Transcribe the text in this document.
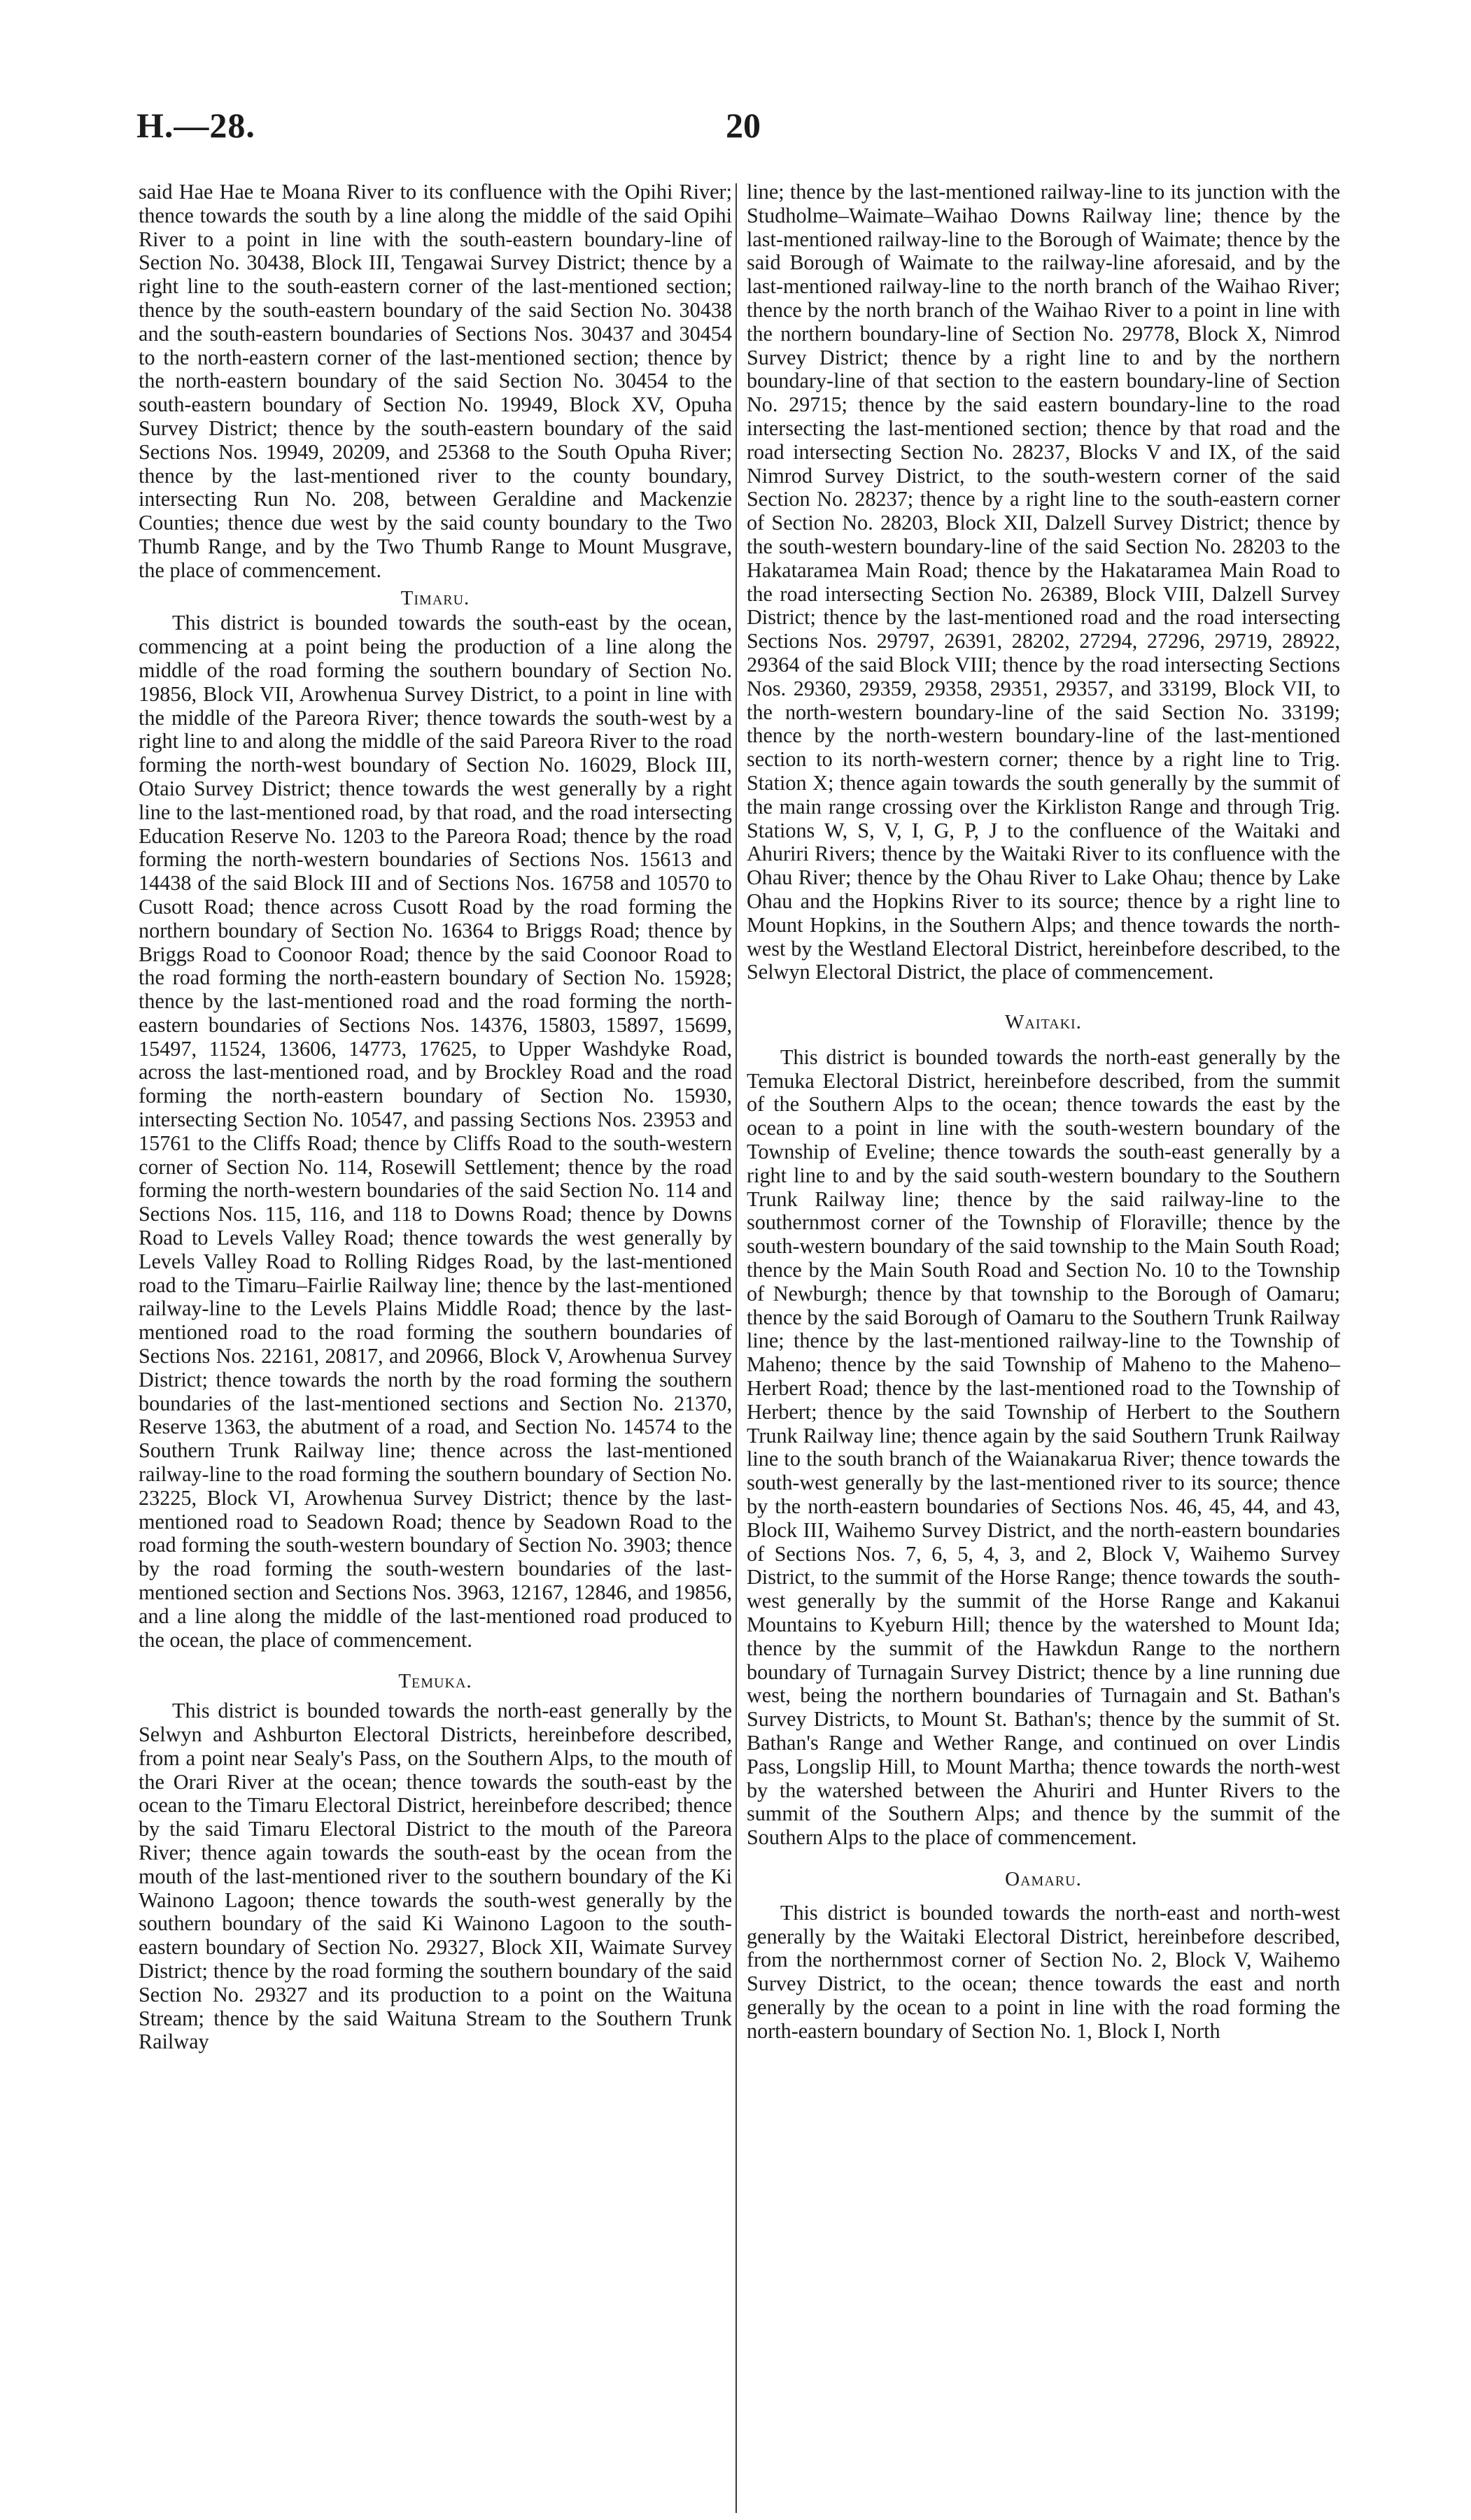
H.—28.	20

said Hae Hae te Moana River to its confluence with the Opihi River; thence towards the south by a line along the middle of the said Opihi River to a point in line with the south-eastern boundary-line of Section No. 30438, Block III, Tengawai Survey District; thence by a right line to the south-eastern corner of the last-mentioned section; thence by the south-eastern boundary of the said Section No. 30438 and the south-eastern boundaries of Sections Nos. 30437 and 30454 to the north-eastern corner of the last-mentioned section; thence by the north-eastern boundary of the said Section No. 30454 to the south-eastern boundary of Section No. 19949, Block XV, Opuha Survey District; thence by the south-eastern boundary of the said Sections Nos. 19949, 20209, and 25368 to the South Opuha River; thence by the last-mentioned river to the county boundary, intersecting Run No. 208, between Geraldine and Mackenzie Counties; thence due west by the said county boundary to the Two Thumb Range, and by the Two Thumb Range to Mount Musgrave, the place of commencement.

Timaru.

This district is bounded towards the south-east by the ocean, commencing at a point being the production of a line along the middle of the road forming the southern boundary of Section No. 19856, Block VII, Arowhenua Survey District, to a point in line with the middle of the Pareora River; thence towards the south-west by a right line to and along the middle of the said Pareora River to the road forming the north-west boundary of Section No. 16029, Block III, Otaio Survey District; thence towards the west generally by a right line to the last-mentioned road, by that road, and the road intersecting Education Reserve No. 1203 to the Pareora Road; thence by the road forming the north-western boundaries of Sections Nos. 15613 and 14438 of the said Block III and of Sections Nos. 16758 and 10570 to Cusott Road; thence across Cusott Road by the road forming the northern boundary of Section No. 16364 to Briggs Road; thence by Briggs Road to Coonoor Road; thence by the said Coonoor Road to the road forming the north-eastern boundary of Section No. 15928; thence by the last-mentioned road and the road forming the north-eastern boundaries of Sections Nos. 14376, 15803, 15897, 15699, 15497, 11524, 13606, 14773, 17625, to Upper Washdyke Road, across the last-mentioned road, and by Brockley Road and the road forming the north-eastern boundary of Section No. 15930, intersecting Section No. 10547, and passing Sections Nos. 23953 and 15761 to the Cliffs Road; thence by Cliffs Road to the south-western corner of Section No. 114, Rosewill Settlement; thence by the road forming the north-western boundaries of the said Section No. 114 and Sections Nos. 115, 116, and 118 to Downs Road; thence by Downs Road to Levels Valley Road; thence towards the west generally by Levels Valley Road to Rolling Ridges Road, by the last-mentioned road to the Timaru–Fairlie Railway line; thence by the last-mentioned railway-line to the Levels Plains Middle Road; thence by the last-mentioned road to the road forming the southern boundaries of Sections Nos. 22161, 20817, and 20966, Block V, Arowhenua Survey District; thence towards the north by the road forming the southern boundaries of the last-mentioned sections and Section No. 21370, Reserve 1363, the abutment of a road, and Section No. 14574 to the Southern Trunk Railway line; thence across the last-mentioned railway-line to the road forming the southern boundary of Section No. 23225, Block VI, Arowhenua Survey District; thence by the last-mentioned road to Seadown Road; thence by Seadown Road to the road forming the south-western boundary of Section No. 3903; thence by the road forming the south-western boundaries of the last-mentioned section and Sections Nos. 3963, 12167, 12846, and 19856, and a line along the middle of the last-mentioned road produced to the ocean, the place of commencement.

Temuka.

This district is bounded towards the north-east generally by the Selwyn and Ashburton Electoral Districts, hereinbefore described, from a point near Sealy's Pass, on the Southern Alps, to the mouth of the Orari River at the ocean; thence towards the south-east by the ocean to the Timaru Electoral District, hereinbefore described; thence by the said Timaru Electoral District to the mouth of the Pareora River; thence again towards the south-east by the ocean from the mouth of the last-mentioned river to the southern boundary of the Ki Wainono Lagoon; thence towards the south-west generally by the southern boundary of the said Ki Wainono Lagoon to the south-eastern boundary of Section No. 29327, Block XII, Waimate Survey District; thence by the road forming the southern boundary of the said Section No. 29327 and its production to a point on the Waituna Stream; thence by the said Waituna Stream to the Southern Trunk Railway

line; thence by the last-mentioned railway-line to its junction with the Studholme–Waimate–Waihao Downs Railway line; thence by the last-mentioned railway-line to the Borough of Waimate; thence by the said Borough of Waimate to the railway-line aforesaid, and by the last-mentioned railway-line to the north branch of the Waihao River; thence by the north branch of the Waihao River to a point in line with the northern boundary-line of Section No. 29778, Block X, Nimrod Survey District; thence by a right line to and by the northern boundary-line of that section to the eastern boundary-line of Section No. 29715; thence by the said eastern boundary-line to the road intersecting the last-mentioned section; thence by that road and the road intersecting Section No. 28237, Blocks V and IX, of the said Nimrod Survey District, to the south-western corner of the said Section No. 28237; thence by a right line to the south-eastern corner of Section No. 28203, Block XII, Dalzell Survey District; thence by the south-western boundary-line of the said Section No. 28203 to the Hakataramea Main Road; thence by the Hakataramea Main Road to the road intersecting Section No. 26389, Block VIII, Dalzell Survey District; thence by the last-mentioned road and the road intersecting Sections Nos. 29797, 26391, 28202, 27294, 27296, 29719, 28922, 29364 of the said Block VIII; thence by the road intersecting Sections Nos. 29360, 29359, 29358, 29351, 29357, and 33199, Block VII, to the north-western boundary-line of the said Section No. 33199; thence by the north-western boundary-line of the last-mentioned section to its north-western corner; thence by a right line to Trig. Station X; thence again towards the south generally by the summit of the main range crossing over the Kirkliston Range and through Trig. Stations W, S, V, I, G, P, J to the confluence of the Waitaki and Ahuriri Rivers; thence by the Waitaki River to its confluence with the Ohau River; thence by the Ohau River to Lake Ohau; thence by Lake Ohau and the Hopkins River to its source; thence by a right line to Mount Hopkins, in the Southern Alps; and thence towards the north-west by the Westland Electoral District, hereinbefore described, to the Selwyn Electoral District, the place of commencement.

Waitaki.

This district is bounded towards the north-east generally by the Temuka Electoral District, hereinbefore described, from the summit of the Southern Alps to the ocean; thence towards the east by the ocean to a point in line with the south-western boundary of the Township of Eveline; thence towards the south-east generally by a right line to and by the said south-western boundary to the Southern Trunk Railway line; thence by the said railway-line to the southernmost corner of the Township of Floraville; thence by the south-western boundary of the said township to the Main South Road; thence by the Main South Road and Section No. 10 to the Township of Newburgh; thence by that township to the Borough of Oamaru; thence by the said Borough of Oamaru to the Southern Trunk Railway line; thence by the last-mentioned railway-line to the Township of Maheno; thence by the said Township of Maheno to the Maheno–Herbert Road; thence by the last-mentioned road to the Township of Herbert; thence by the said Township of Herbert to the Southern Trunk Railway line; thence again by the said Southern Trunk Railway line to the south branch of the Waianakarua River; thence towards the south-west generally by the last-mentioned river to its source; thence by the north-eastern boundaries of Sections Nos. 46, 45, 44, and 43, Block III, Waihemo Survey District, and the north-eastern boundaries of Sections Nos. 7, 6, 5, 4, 3, and 2, Block V, Waihemo Survey District, to the summit of the Horse Range; thence towards the south-west generally by the summit of the Horse Range and Kakanui Mountains to Kyeburn Hill; thence by the watershed to Mount Ida; thence by the summit of the Hawkdun Range to the northern boundary of Turnagain Survey District; thence by a line running due west, being the northern boundaries of Turnagain and St. Bathan's Survey Districts, to Mount St. Bathan's; thence by the summit of St. Bathan's Range and Wether Range, and continued on over Lindis Pass, Longslip Hill, to Mount Martha; thence towards the north-west by the watershed between the Ahuriri and Hunter Rivers to the summit of the Southern Alps; and thence by the summit of the Southern Alps to the place of commencement.

Oamaru.

This district is bounded towards the north-east and north-west generally by the Waitaki Electoral District, hereinbefore described, from the northernmost corner of Section No. 2, Block V, Waihemo Survey District, to the ocean; thence towards the east and north generally by the ocean to a point in line with the road forming the north-eastern boundary of Section No. 1, Block I, North
